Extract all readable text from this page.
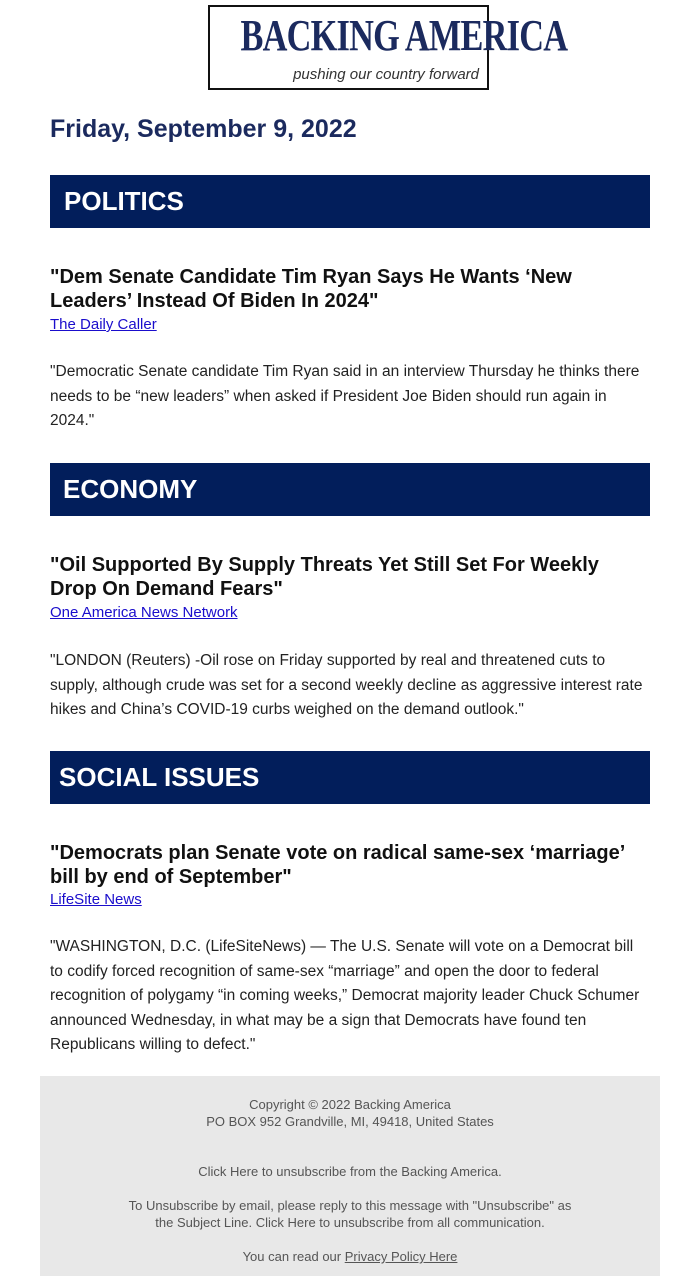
BACKING AMERICA
pushing our country forward
Friday, September 9, 2022
POLITICS
"Dem Senate Candidate Tim Ryan Says He Wants ‘New Leaders’ Instead Of Biden In 2024"
The Daily Caller
"Democratic Senate candidate Tim Ryan said in an interview Thursday he thinks there needs to be “new leaders” when asked if President Joe Biden should run again in 2024."
ECONOMY
"Oil Supported By Supply Threats Yet Still Set For Weekly Drop On Demand Fears"
One America News Network
"LONDON (Reuters) -Oil rose on Friday supported by real and threatened cuts to supply, although crude was set for a second weekly decline as aggressive interest rate hikes and China’s COVID-19 curbs weighed on the demand outlook."
SOCIAL ISSUES
"Democrats plan Senate vote on radical same-sex ‘marriage’ bill by end of September"
LifeSite News
"WASHINGTON, D.C. (LifeSiteNews) — The U.S. Senate will vote on a Democrat bill to codify forced recognition of same-sex “marriage” and open the door to federal recognition of polygamy “in coming weeks,” Democrat majority leader Chuck Schumer announced Wednesday, in what may be a sign that Democrats have found ten Republicans willing to defect."

Copyright © 2022 Backing America

PO BOX 952 Grandville, MI, 49418, United States

Click Here to unsubscribe from the Backing America.

To Unsubscribe by email, please reply to this message with "Unsubscribe" as

the Subject Line. Click Here to unsubscribe from all communication.

You can read our Privacy Policy Here
